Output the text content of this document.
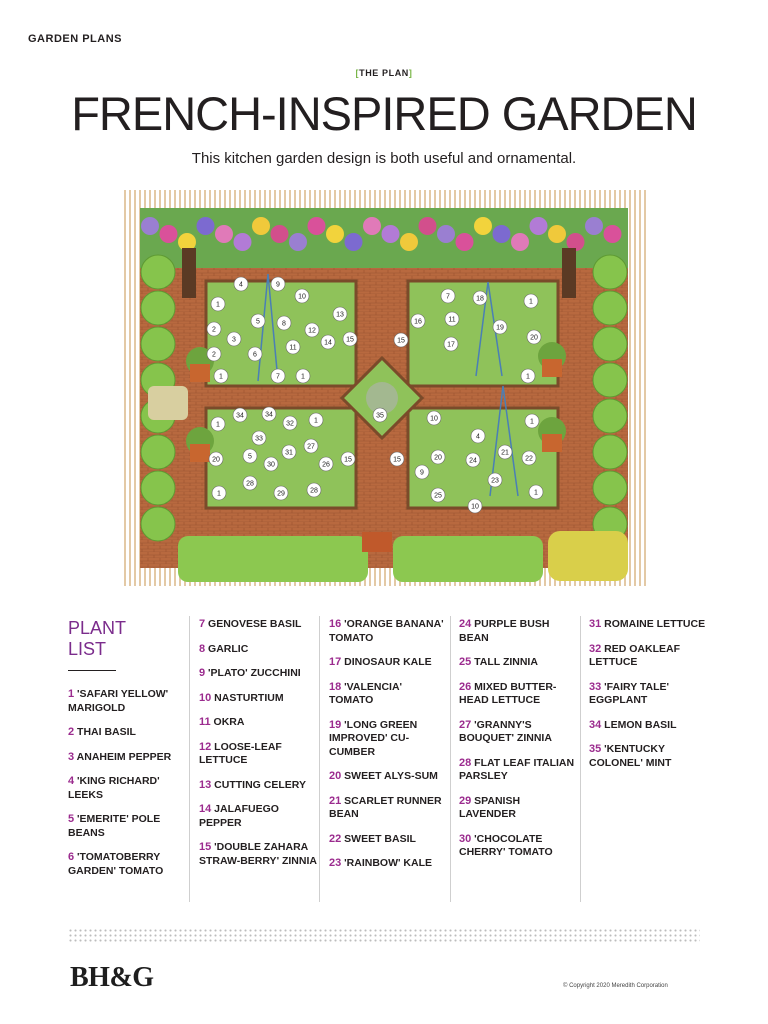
GARDEN PLANS
[THE PLAN]
FRENCH-INSPIRED GARDEN
This kitchen garden design is both useful and ornamental.
1
4	9
10
2
3
5	8
12
13
14
11
2	6
7	1
1
15
7	18	1
16	11
19
20
15
17
1
34	34
1
32
33
27
31
1
20	5
30
15
26
28
29	28
1
10	1
4
15	20	24
21
22
9
23
25	1
10
35
PLANT
LIST
1 'SAFARI YELLOW' MARIGOLD
2 THAI BASIL
3 ANAHEIM PEPPER
4 'KING RICHARD' LEEKS
5 'EMERITE' POLE BEANS
6 'TOMATOBERRY GARDEN' TOMATO
7 GENOVESE BASIL
8 GARLIC
9 'PLATO' ZUCCHINI
10 NASTURTIUM
11 OKRA
12 LOOSE-LEAF LETTUCE
13 CUTTING CELERY
14 JALAFUEGO PEPPER
15 'DOUBLE ZAHARA STRAW-BERRY' ZINNIA
16 'ORANGE BANANA' TOMATO
17 DINOSAUR KALE
18 'VALENCIA' TOMATO
19 'LONG GREEN IMPROVED' CU-CUMBER
20 SWEET ALYS-SUM
21 SCARLET RUNNER BEAN
22 SWEET BASIL
23 'RAINBOW' KALE
24 PURPLE BUSH BEAN
25 TALL ZINNIA
26 MIXED BUTTER-HEAD LETTUCE
27 'GRANNY'S BOUQUET' ZINNIA
28 FLAT LEAF ITALIAN PARSLEY
29 SPANISH LAVENDER
30 'CHOCOLATE CHERRY' TOMATO
31 ROMAINE LETTUCE
32 RED OAKLEAF LETTUCE
33 'FAIRY TALE' EGGPLANT
34 LEMON BASIL
35 'KENTUCKY COLONEL' MINT
BH&G	© Copyright 2020 Meredith Corporation
